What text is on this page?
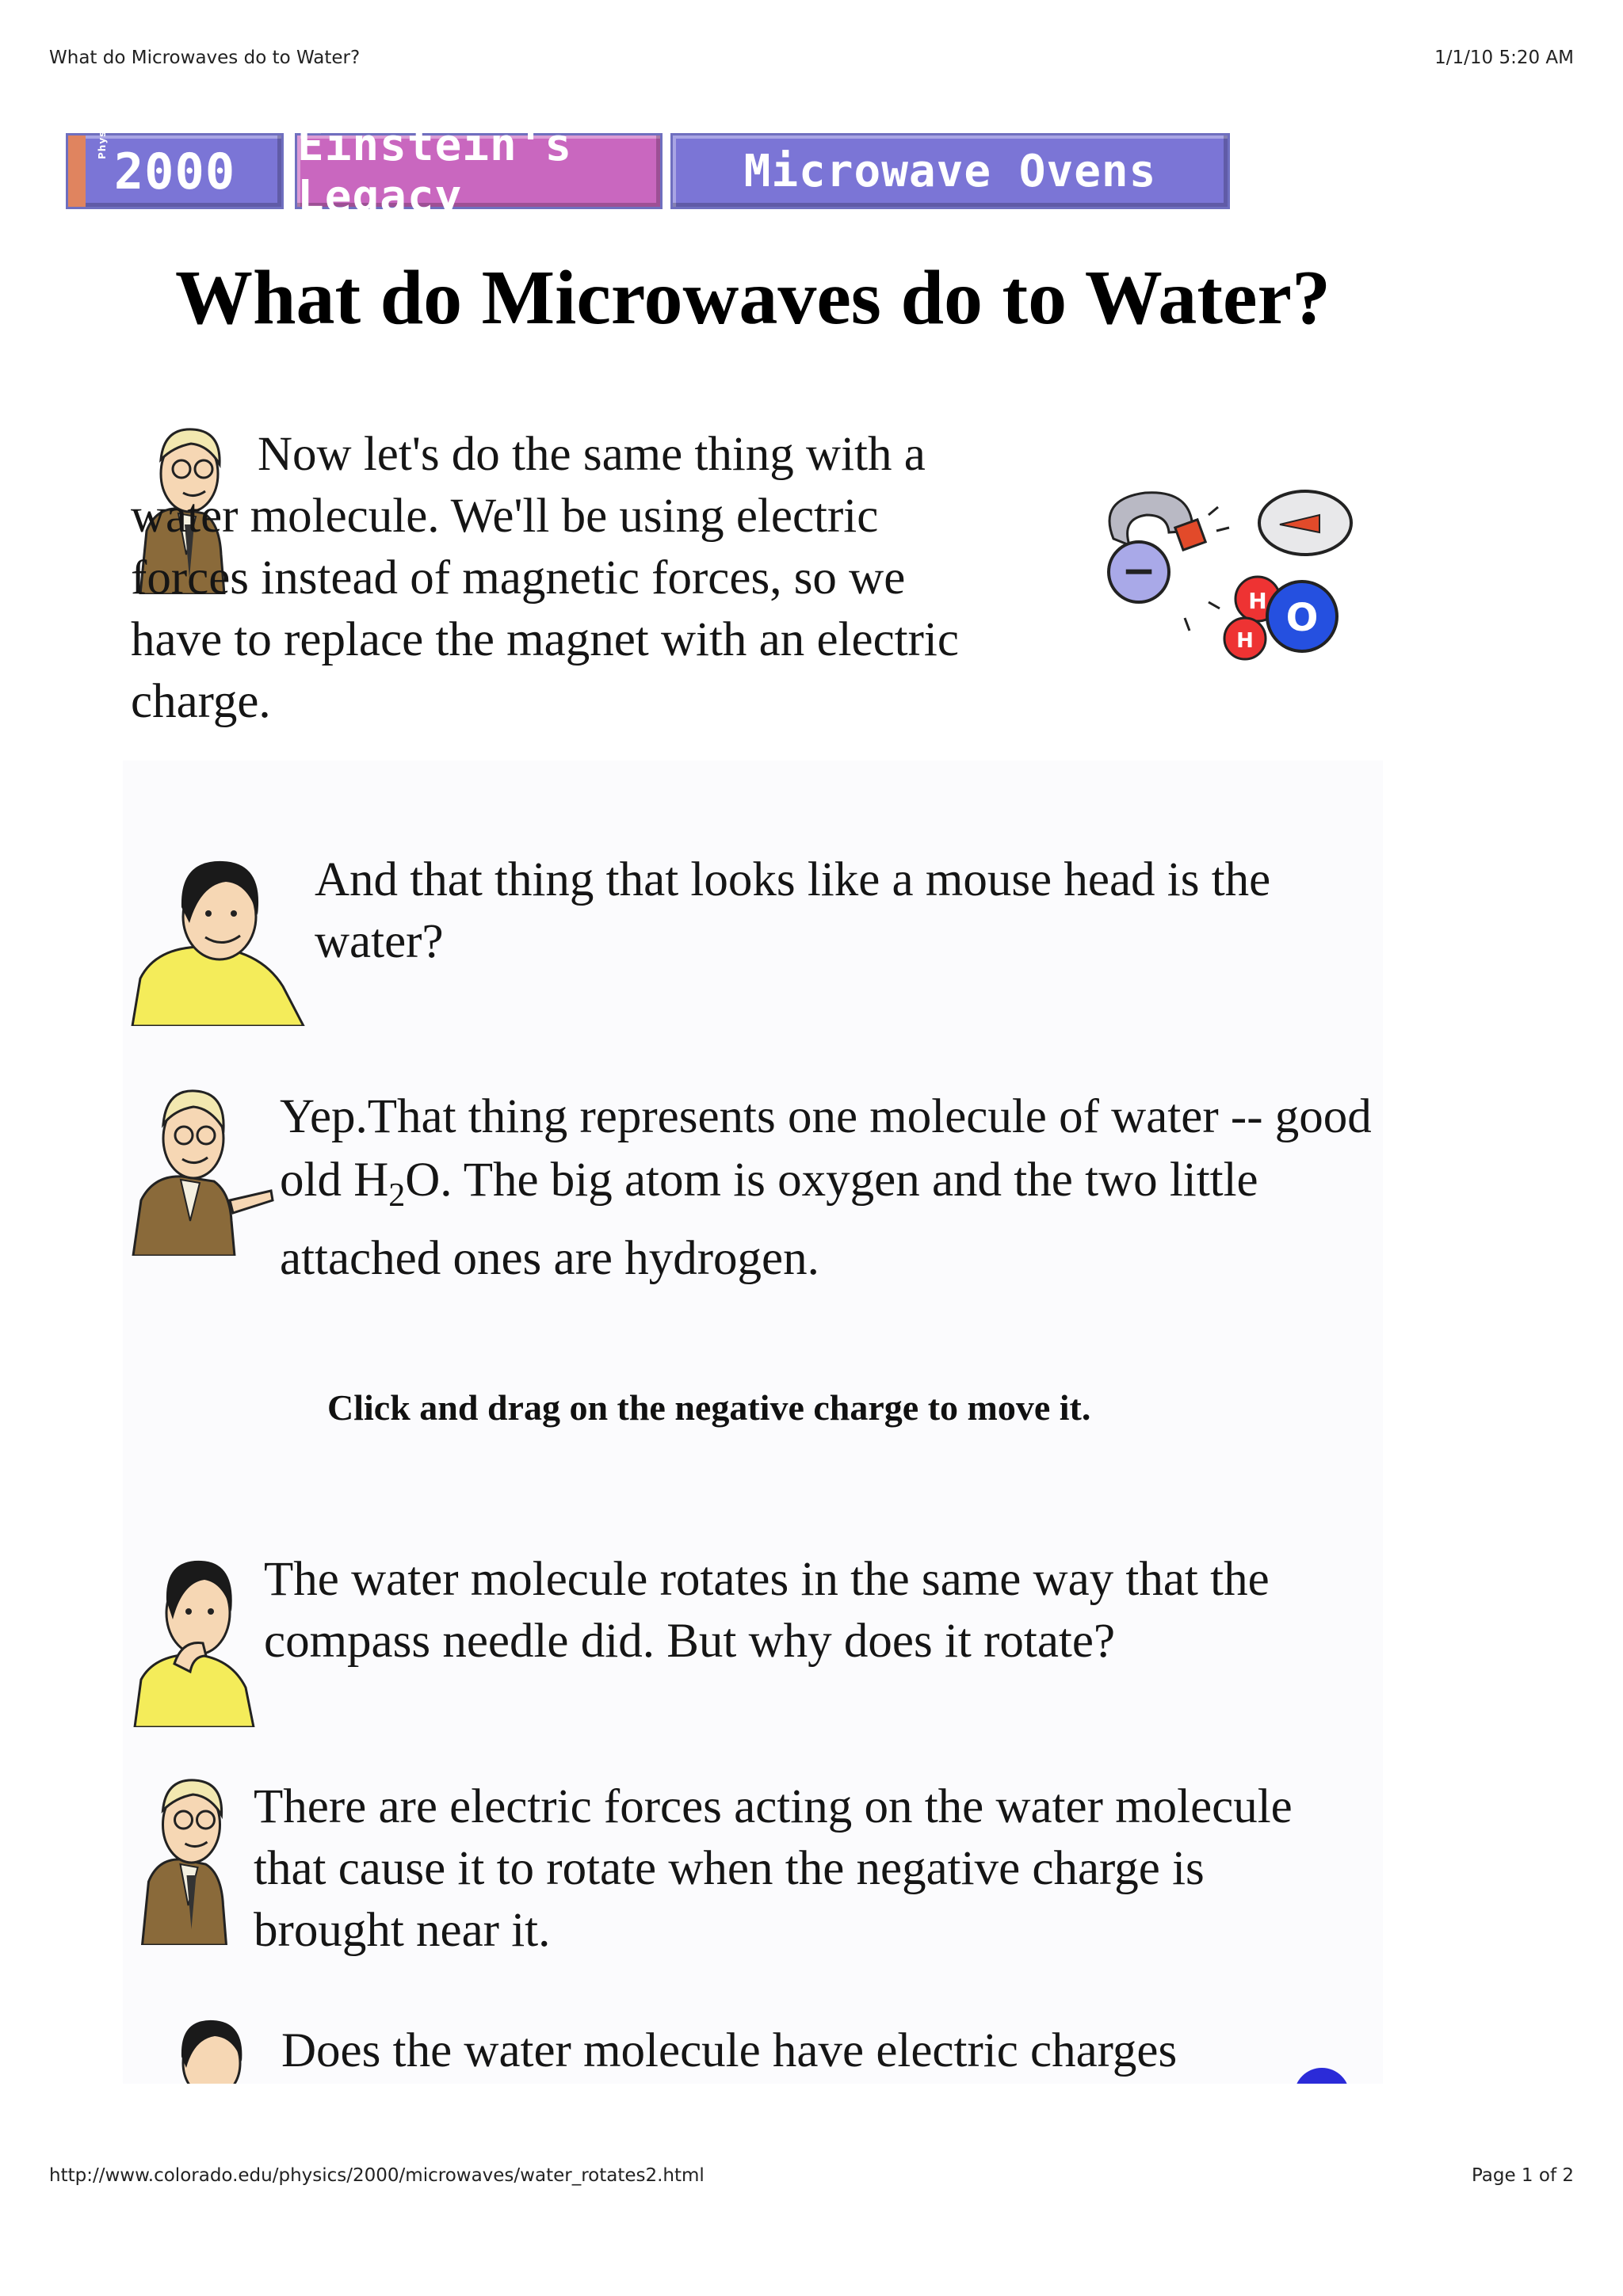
What do Microwaves do to Water?	1/1/10 5:20 AM
Physics
2000 Einstein's Legacy	Microwave Ovens
What do Microwaves do to Water?

Now let's do the same thing with a water molecule. We'll be using electric forces instead of magnetic forces, so we have to replace the magnet with an electric charge.

−
H
H
O

And that thing that looks like a mouse head is the water?

Yep.That thing represents one molecule of water -- good old $H_2O$. The big atom is oxygen and the two little attached ones are hydrogen.

Click and drag on the negative charge to move it.

The water molecule rotates in the same way that the compass needle did. But why does it rotate?

There are electric forces acting on the water molecule that cause it to rotate when the negative charge is brought near it.

Does the water molecule have electric charges

http://www.colorado.edu/physics/2000/microwaves/water_rotates2.html	Page 1 of 2
